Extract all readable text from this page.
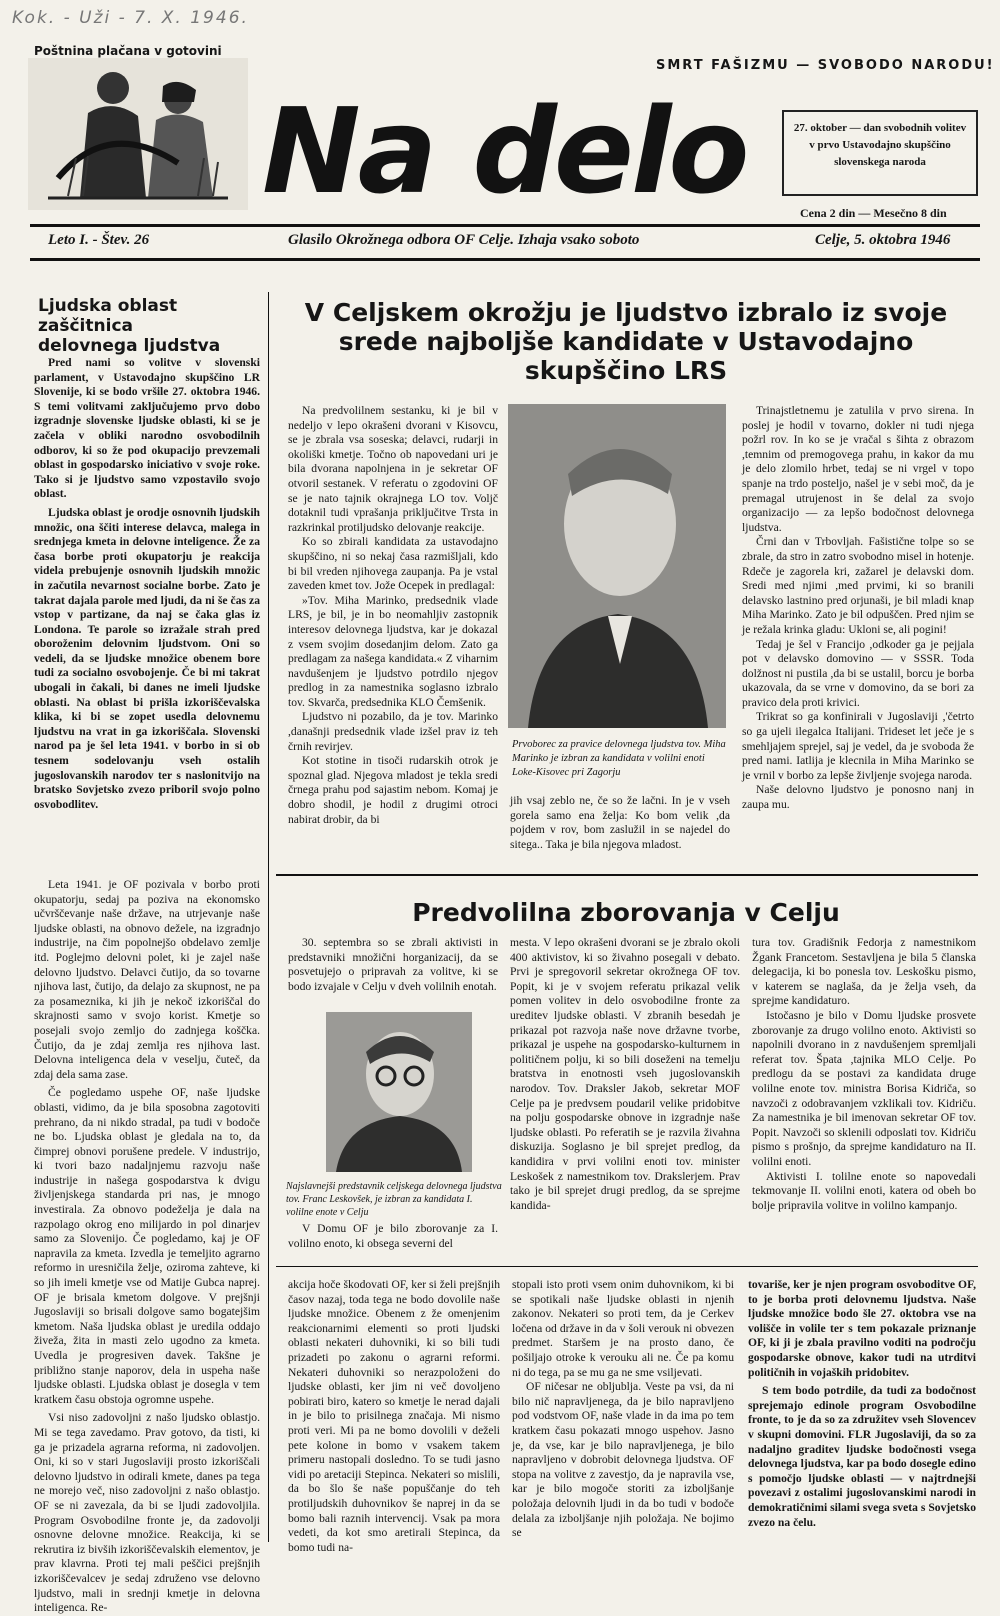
Kok. - Uži - 7. X. 1946.
Poštnina plačana v gotovini
Na delo
SMRT FAŠIZMU — SVOBODO NARODU!
27. oktober — dan svobodnih volitev v prvo Ustavodajno skupščino slovenskega naroda
Cena 2 din — Mesečno 8 din
Leto I. - Štev. 26	Glasilo Okrožnega odbora OF Celje. Izhaja vsako soboto	Celje, 5. oktobra 1946
Ljudska oblast zaščitnica delovnega ljudstva

Pred nami so volitve v slovenski parlament, v Ustavodajno skupščino LR Slovenije, ki se bodo vršile 27. oktobra 1946. S temi volitvami zaključujemo prvo dobo izgradnje slovenske ljudske oblasti, ki se je začela v obliki narodno osvobodilnih odborov, ki so že pod okupacijo prevzemali oblast in gospodarsko iniciativo v svoje roke. Tako si je ljudstvo samo vzpostavilo svojo oblast.

Ljudska oblast je orodje osnovnih ljudskih množic, ona ščiti interese delavca, malega in srednjega kmeta in delovne inteligence. Že za časa borbe proti okupatorju je reakcija videla prebujenje osnovnih ljudskih množic in začutila nevarnost socialne borbe. Zato je takrat dajala parole med ljudi, da ni še čas za vstop v partizane, da naj se čaka glas iz Londona. Te parole so izražale strah pred oboroženim delovnim ljudstvom. Oni so vedeli, da se ljudske množice obenem bore tudi za socialno osvobojenje. Če bi mi takrat ubogali in čakali, bi danes ne imeli ljudske oblasti. Na oblast bi prišla izkoriščevalska klika, ki bi se zopet usedla delovnemu ljudstvu na vrat in ga izkoriščala. Slovenski narod pa je šel leta 1941. v borbo in si ob tesnem sodelovanju vseh ostalih jugoslovanskih narodov ter s naslonitvijo na bratsko Sovjetsko zvezo priboril svojo polno osvobodlitev.

Leta 1941. je OF pozivala v borbo proti okupatorju, sedaj pa poziva na ekonomsko učvrščevanje naše države, na utrjevanje naše ljudske oblasti, na obnovo dežele, na izgradnjo industrije, na čim popolnejšo obdelavo zemlje itd. Poglejmo delovni polet, ki je zajel naše delovno ljudstvo. Delavci čutijo, da so tovarne njihova last, čutijo, da delajo za skupnost, ne pa za posameznika, ki jih je nekoč izkoriščal do skrajnosti samo v svojo korist. Kmetje so posejali svojo zemljo do zadnjega koščka. Čutijo, da je zdaj zemlja res njihova last. Delovna inteligenca dela v veselju, čuteč, da zdaj dela sama zase.

Če pogledamo uspehe OF, naše ljudske oblasti, vidimo, da je bila sposobna zagotoviti prehrano, da ni nikdo stradal, pa tudi v bodoče ne bo. Ljudska oblast je gledala na to, da čimprej obnovi porušene predele. V industrijo, ki tvori bazo nadaljnjemu razvoju naše industrije in našega gospodarstva k dvigu življenjskega standarda pri nas, je mnogo investirala. Za obnovo podeželja je dala na razpolago okrog eno milijardo in pol dinarjev samo za Slovenijo. Če pogledamo, kaj je OF napravila za kmeta. Izvedla je temeljito agrarno reformo in uresničila želje, oziroma zahteve, ki so jih imeli kmetje vse od Matije Gubca naprej. OF je brisala kmetom dolgove. V prejšnji Jugoslaviji so brisali dolgove samo bogatejšim kmetom. Naša ljudska oblast je uredila oddajo živeža, žita in masti zelo ugodno za kmeta. Uvedla je progresiven davek. Takšne je približno stanje naporov, dela in uspeha naše ljudske oblasti. Ljudska oblast je dosegla v tem kratkem času obstoja ogromne uspehe.

Vsi niso zadovoljni z našo ljudsko oblastjo. Mi se tega zavedamo. Prav gotovo, da tisti, ki ga je prizadela agrarna reforma, ni zadovoljen. Oni, ki so v stari Jugoslaviji prosto izkoriščali delovno ljudstvo in odirali kmete, danes pa tega ne morejo več, niso zadovoljni z našo oblastjo. OF se ni zavezala, da bi se ljudi zadovoljila. Program Osvobodilne fronte je, da zadovolji osnovne delovne množice. Reakcija, ki se rekrutira iz bivših izkoriščevalskih elementov, je prav klavrna. Proti tej mali peščici prejšnjih izkoriščevalcev je sedaj združeno vse delovno ljudstvo, mali in srednji kmetje in delovna inteligenca. Re-

V Celjskem okrožju je ljudstvo izbralo iz svoje srede najboljše kandidate v Ustavodajno skupščino LRS

Na predvolilnem sestanku, ki je bil v nedeljo v lepo okrašeni dvorani v Kisovcu, se je zbrala vsa soseska; delavci, rudarji in okoliški kmetje. Točno ob napovedani uri je bila dvorana napolnjena in je sekretar OF otvoril sestanek. V referatu o zgodovini OF se je nato tajnik okrajnega LO tov. Voljč dotaknil tudi vprašanja priključitve Trsta in razkrinkal protiljudsko delovanje reakcije.

Ko so zbirali kandidata za ustavodajno skupščino, ni so nekaj časa razmišljali, kdo bi bil vreden njihovega zaupanja. Pa je vstal zaveden kmet tov. Jože Ocepek in predlagal:

»Tov. Miha Marinko, predsednik vlade LRS, je bil, je in bo neomahljiv zastopnik interesov delovnega ljudstva, kar je dokazal z vsem svojim dosedanjim delom. Zato ga predlagam za našega kandidata.« Z viharnim navdušenjem je ljudstvo potrdilo njegov predlog in za namestnika soglasno izbralo tov. Skvarča, predsednika KLO Čemšenik.

Ljudstvo ni pozabilo, da je tov. Marinko ,današnji predsednik vlade izšel prav iz teh črnih revirjev.

Kot stotine in tisoči rudarskih otrok je spoznal glad. Njegova mladost je tekla sredi črnega prahu pod sajastim nebom. Komaj je dobro shodil, je hodil z drugimi otroci nabirat drobir, da bi

Prvoborec za pravice delovnega ljudstva tov. Miha Marinko je izbran za kandidata v volilni enoti Loke-Kisovec pri Zagorju

jih vsaj zeblo ne, če so že lačni. In je v vseh gorela samo ena želja: Ko bom velik ,da pojdem v rov, bom zaslužil in se najedel do sitega.. Taka je bila njegova mladost.

Trinajstletnemu je zatulila v prvo sirena. In poslej je hodil v tovarno, dokler ni tudi njega požrl rov. In ko se je vračal s šihta z obrazom ,temnim od premogovega prahu, in kakor da mu je delo zlomilo hrbet, tedaj se ni vrgel v topo spanje na trdo posteljo, našel je v sebi moč, da je premagal utrujenost in še delal za svojo organizacijo — za lepšo bodočnost delovnega ljudstva.

Črni dan v Trbovljah. Fašistične tolpe so se zbrale, da stro in zatro svobodno misel in hotenje. Rdeče je zagorela kri, zažarel je delavski dom. Sredi med njimi ,med prvimi, ki so branili delavsko lastnino pred orjunaši, je bil mladi knap Miha Marinko. Zato je bil odpuščen. Pred njim se je režala krinka gladu: Ukloni se, ali pogini!

Tedaj je šel v Francijo ,odkoder ga je pejjala pot v delavsko domovino — v SSSR. Toda dolžnost ni pustila ,da bi se ustalil, borcu je borba ukazovala, da se vrne v domovino, da se bori za pravico dela proti krivici.

Trikrat so ga konfinirali v Jugoslaviji ,'četrto so ga ujeli ilegalca Italijani. Trideset let ječe je s smehljajem sprejel, saj je vedel, da je svoboda že pred nami. Iatlija je klecnila in Miha Marinko se je vrnil v borbo za lepše življenje svojega naroda.

Naše delovno ljudstvo je ponosno nanj in zaupa mu.

Predvolilna zborovanja v Celju

30. septembra so se zbrali aktivisti in predstavniki množični horganizacij, da se posvetujejo o pripravah za volitve, ki se bodo izvajale v Celju v dveh volilnih enotah.

Najslavnejši predstavnik celjskega delovnega ljudstva tov. Franc Leskovšek, je izbran za kandidata I. volilne enote v Celju

V Domu OF je bilo zborovanje za I. volilno enoto, ki obsega severni del

mesta. V lepo okrašeni dvorani se je zbralo okoli 400 aktivistov, ki so živahno posegali v debato. Prvi je spregovoril sekretar okrožnega OF tov. Popit, ki je v svojem referatu prikazal velik pomen volitev in delo osvobodilne fronte za ureditev ljudske oblasti. V zbranih besedah je prikazal pot razvoja naše nove državne tvorbe, prikazal je uspehe na gospodarsko-kulturnem in političnem polju, ki so bili doseženi na temelju bratstva in enotnosti vseh jugoslovanskih narodov. Tov. Draksler Jakob, sekretar MOF Celje pa je predvsem poudaril velike pridobitve na polju gospodarske obnove in izgradnje naše ljudske oblasti. Po referatih se je razvila živahna diskuzija. Soglasno je bil sprejet predlog, da kandidira v prvi volilni enoti tov. minister Leskošek z namestnikom tov. Drakslerjem. Prav tako je bil sprejet drugi predlog, da se sprejme kandida-

tura tov. Gradišnik Fedorja z namestnikom Žgank Francetom. Sestavljena je bila 5 članska delegacija, ki bo ponesla tov. Leskošku pismo, v katerem se naglaša, da je želja vseh, da sprejme kandidaturo.

Istočasno je bilo v Domu ljudske prosvete zborovanje za drugo volilno enoto. Aktivisti so napolnili dvorano in z navdušenjem spremljali referat tov. Špata ,tajnika MLO Celje. Po predlogu da se postavi za kandidata druge volilne enote tov. ministra Borisa Kidriča, so navzoči z odobravanjem vzklikali tov. Kidriču. Za namestnika je bil imenovan sekretar OF tov. Popit. Navzoči so sklenili odposlati tov. Kidriču pismo s prošnjo, da sprejme kandidaturo na II. volilni enoti.

Aktivisti I. tolilne enote so napovedali tekmovanje II. volilni enoti, katera od obeh bo bolje pripravila volitve in volilno kampanjo.

akcija hoče škodovati OF, ker si želi prejšnjih časov nazaj, toda tega ne bodo dovolile naše ljudske množice. Obenem z že omenjenim reakcionarnimi elementi so proti ljudski oblasti nekateri duhovniki, ki so bili tudi prizadeti po zakonu o agrarni reformi. Nekateri duhovniki so nerazpoloženi do ljudske oblasti, ker jim ni več dovoljeno pobirati biro, katero so kmetje le nerad dajali in je bilo to prisilnega značaja. Mi nismo proti veri. Mi pa ne bomo dovolili v deželi pete kolone in bomo v vsakem takem primeru nastopali dosledno. To se tudi jasno vidi po aretaciji Stepinca. Nekateri so mislili, da bo šlo še naše popuščanje do teh protiljudskih duhovnikov še naprej in da se bomo bali raznih intervencij. Vsak pa mora vedeti, da kot smo aretirali Stepinca, da bomo tudi na-

stopali isto proti vsem onim duhovnikom, ki bi se spotikali naše ljudske oblasti in njenih zakonov. Nekateri so proti tem, da je Cerkev ločena od države in da v šoli verouk ni obvezen predmet. Staršem je na prosto dano, če pošiljajo otroke k verouku ali ne. Če pa komu ni do tega, pa se mu ga ne sme vsiljevati.

OF ničesar ne obljublja. Veste pa vsi, da ni bilo nič napravljenega, da je bilo napravljeno pod vodstvom OF, naše vlade in da ima po tem kratkem času pokazati mnogo uspehov. Jasno je, da vse, kar je bilo napravljenega, je bilo napravljeno v dobrobit delovnega ljudstva. OF stopa na volitve z zavestjo, da je napravila vse, kar je bilo mogoče storiti za izboljšanje položaja delovnih ljudi in da bo tudi v bodoče delala za izboljšanje njih položaja. Ne bojimo se

tovariše, ker je njen program osvoboditve OF, to je borba proti delovnemu ljudstva. Naše ljudske množice bodo šle 27. oktobra vse na volišče in volile ter s tem pokazale priznanje OF, ki ji je zbala pravilno voditi na področju gospodarske obnove, kakor tudi na utrditvi političnih in vojaških pridobitev.

S tem bodo potrdile, da tudi za bodočnost sprejemajo edinole program Osvobodilne fronte, to je da so za združitev vseh Slovencev v skupni domovini. FLR Jugoslaviji, da so za nadaljno graditev ljudske bodočnosti vsega delovnega ljudstva, kar pa bodo dosegle edino s pomočjo ljudske oblasti — v najtrdnejši povezavi z ostalimi jugoslovanskimi narodi in demokratičnimi silami svega sveta s Sovjetsko zvezo na čelu.
